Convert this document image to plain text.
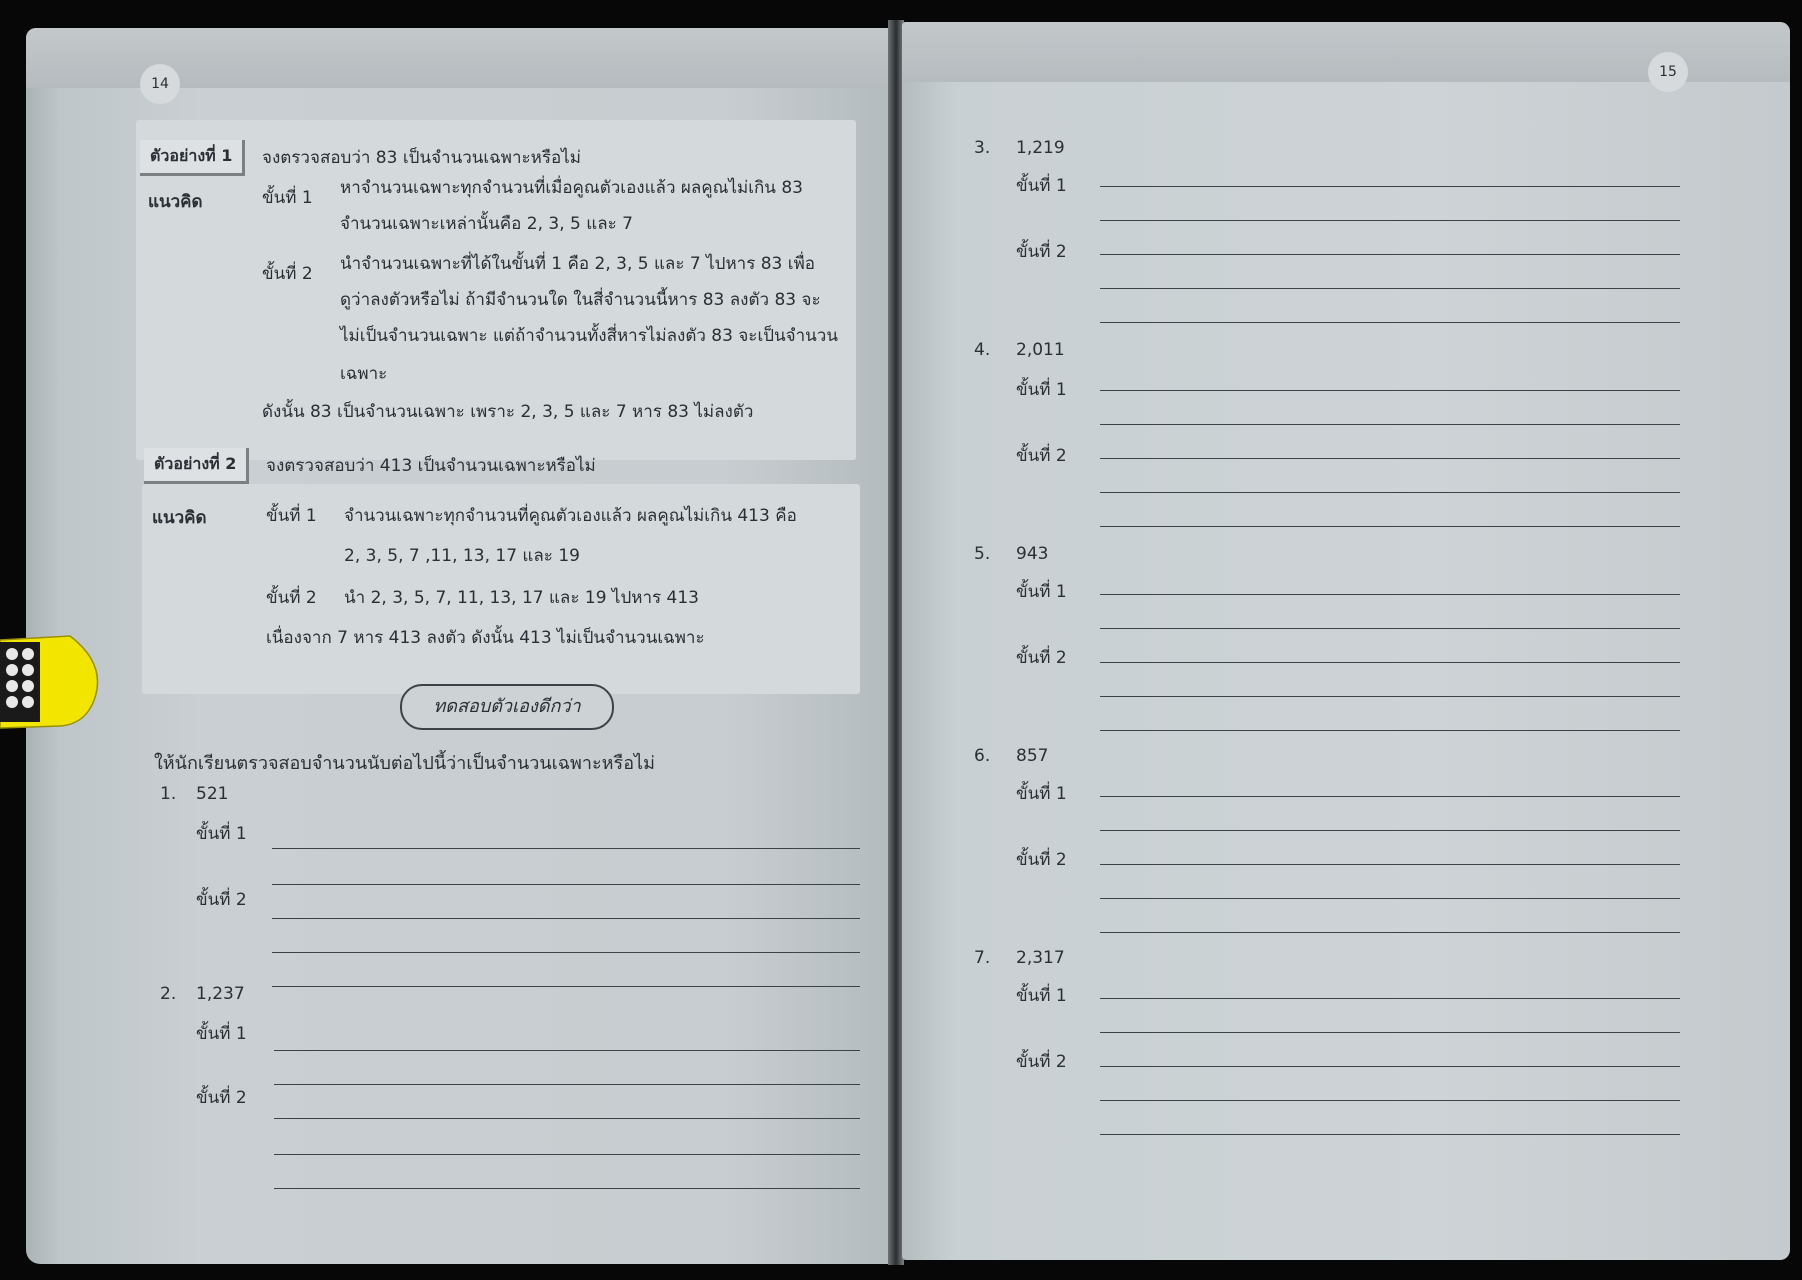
14
ตัวอย่างที่ 1	จงตรวจสอบว่า 83 เป็นจำนวนเฉพาะหรือไม่
แนวคิด	ขั้นที่ 1 หาจำนวนเฉพาะทุกจำนวนที่เมื่อคูณตัวเองแล้ว ผลคูณไม่เกิน 83
จำนวนเฉพาะเหล่านั้นคือ 2, 3, 5 และ 7
ขั้นที่ 2 นำจำนวนเฉพาะที่ได้ในขั้นที่ 1 คือ 2, 3, 5 และ 7 ไปหาร 83 เพื่อ
ดูว่าลงตัวหรือไม่ ถ้ามีจำนวนใด ในสี่จำนวนนี้หาร 83 ลงตัว 83 จะ
ไม่เป็นจำนวนเฉพาะ แต่ถ้าจำนวนทั้งสี่หารไม่ลงตัว 83 จะเป็นจำนวน
เฉพาะ
ดังนั้น 83 เป็นจำนวนเฉพาะ เพราะ 2, 3, 5 และ 7 หาร 83 ไม่ลงตัว
ตัวอย่างที่ 2	จงตรวจสอบว่า 413 เป็นจำนวนเฉพาะหรือไม่
แนวคิด	ขั้นที่ 1 จำนวนเฉพาะทุกจำนวนที่คูณตัวเองแล้ว ผลคูณไม่เกิน 413 คือ
2, 3, 5, 7 ,11, 13, 17 และ 19
ขั้นที่ 2 นำ 2, 3, 5, 7, 11, 13, 17 และ 19 ไปหาร 413
เนื่องจาก 7 หาร 413 ลงตัว ดังนั้น 413 ไม่เป็นจำนวนเฉพาะ
ทดสอบตัวเองดีกว่า
ให้นักเรียนตรวจสอบจำนวนนับต่อไปนี้ว่าเป็นจำนวนเฉพาะหรือไม่
1. 521
ขั้นที่ 1
ขั้นที่ 2
2. 1,237
ขั้นที่ 1
ขั้นที่ 2
15
3. 1,219
ขั้นที่ 1
ขั้นที่ 2
4. 2,011
ขั้นที่ 1
ขั้นที่ 2
5. 943
ขั้นที่ 1
ขั้นที่ 2
6. 857
ขั้นที่ 1
ขั้นที่ 2
7. 2,317
ขั้นที่ 1
ขั้นที่ 2
